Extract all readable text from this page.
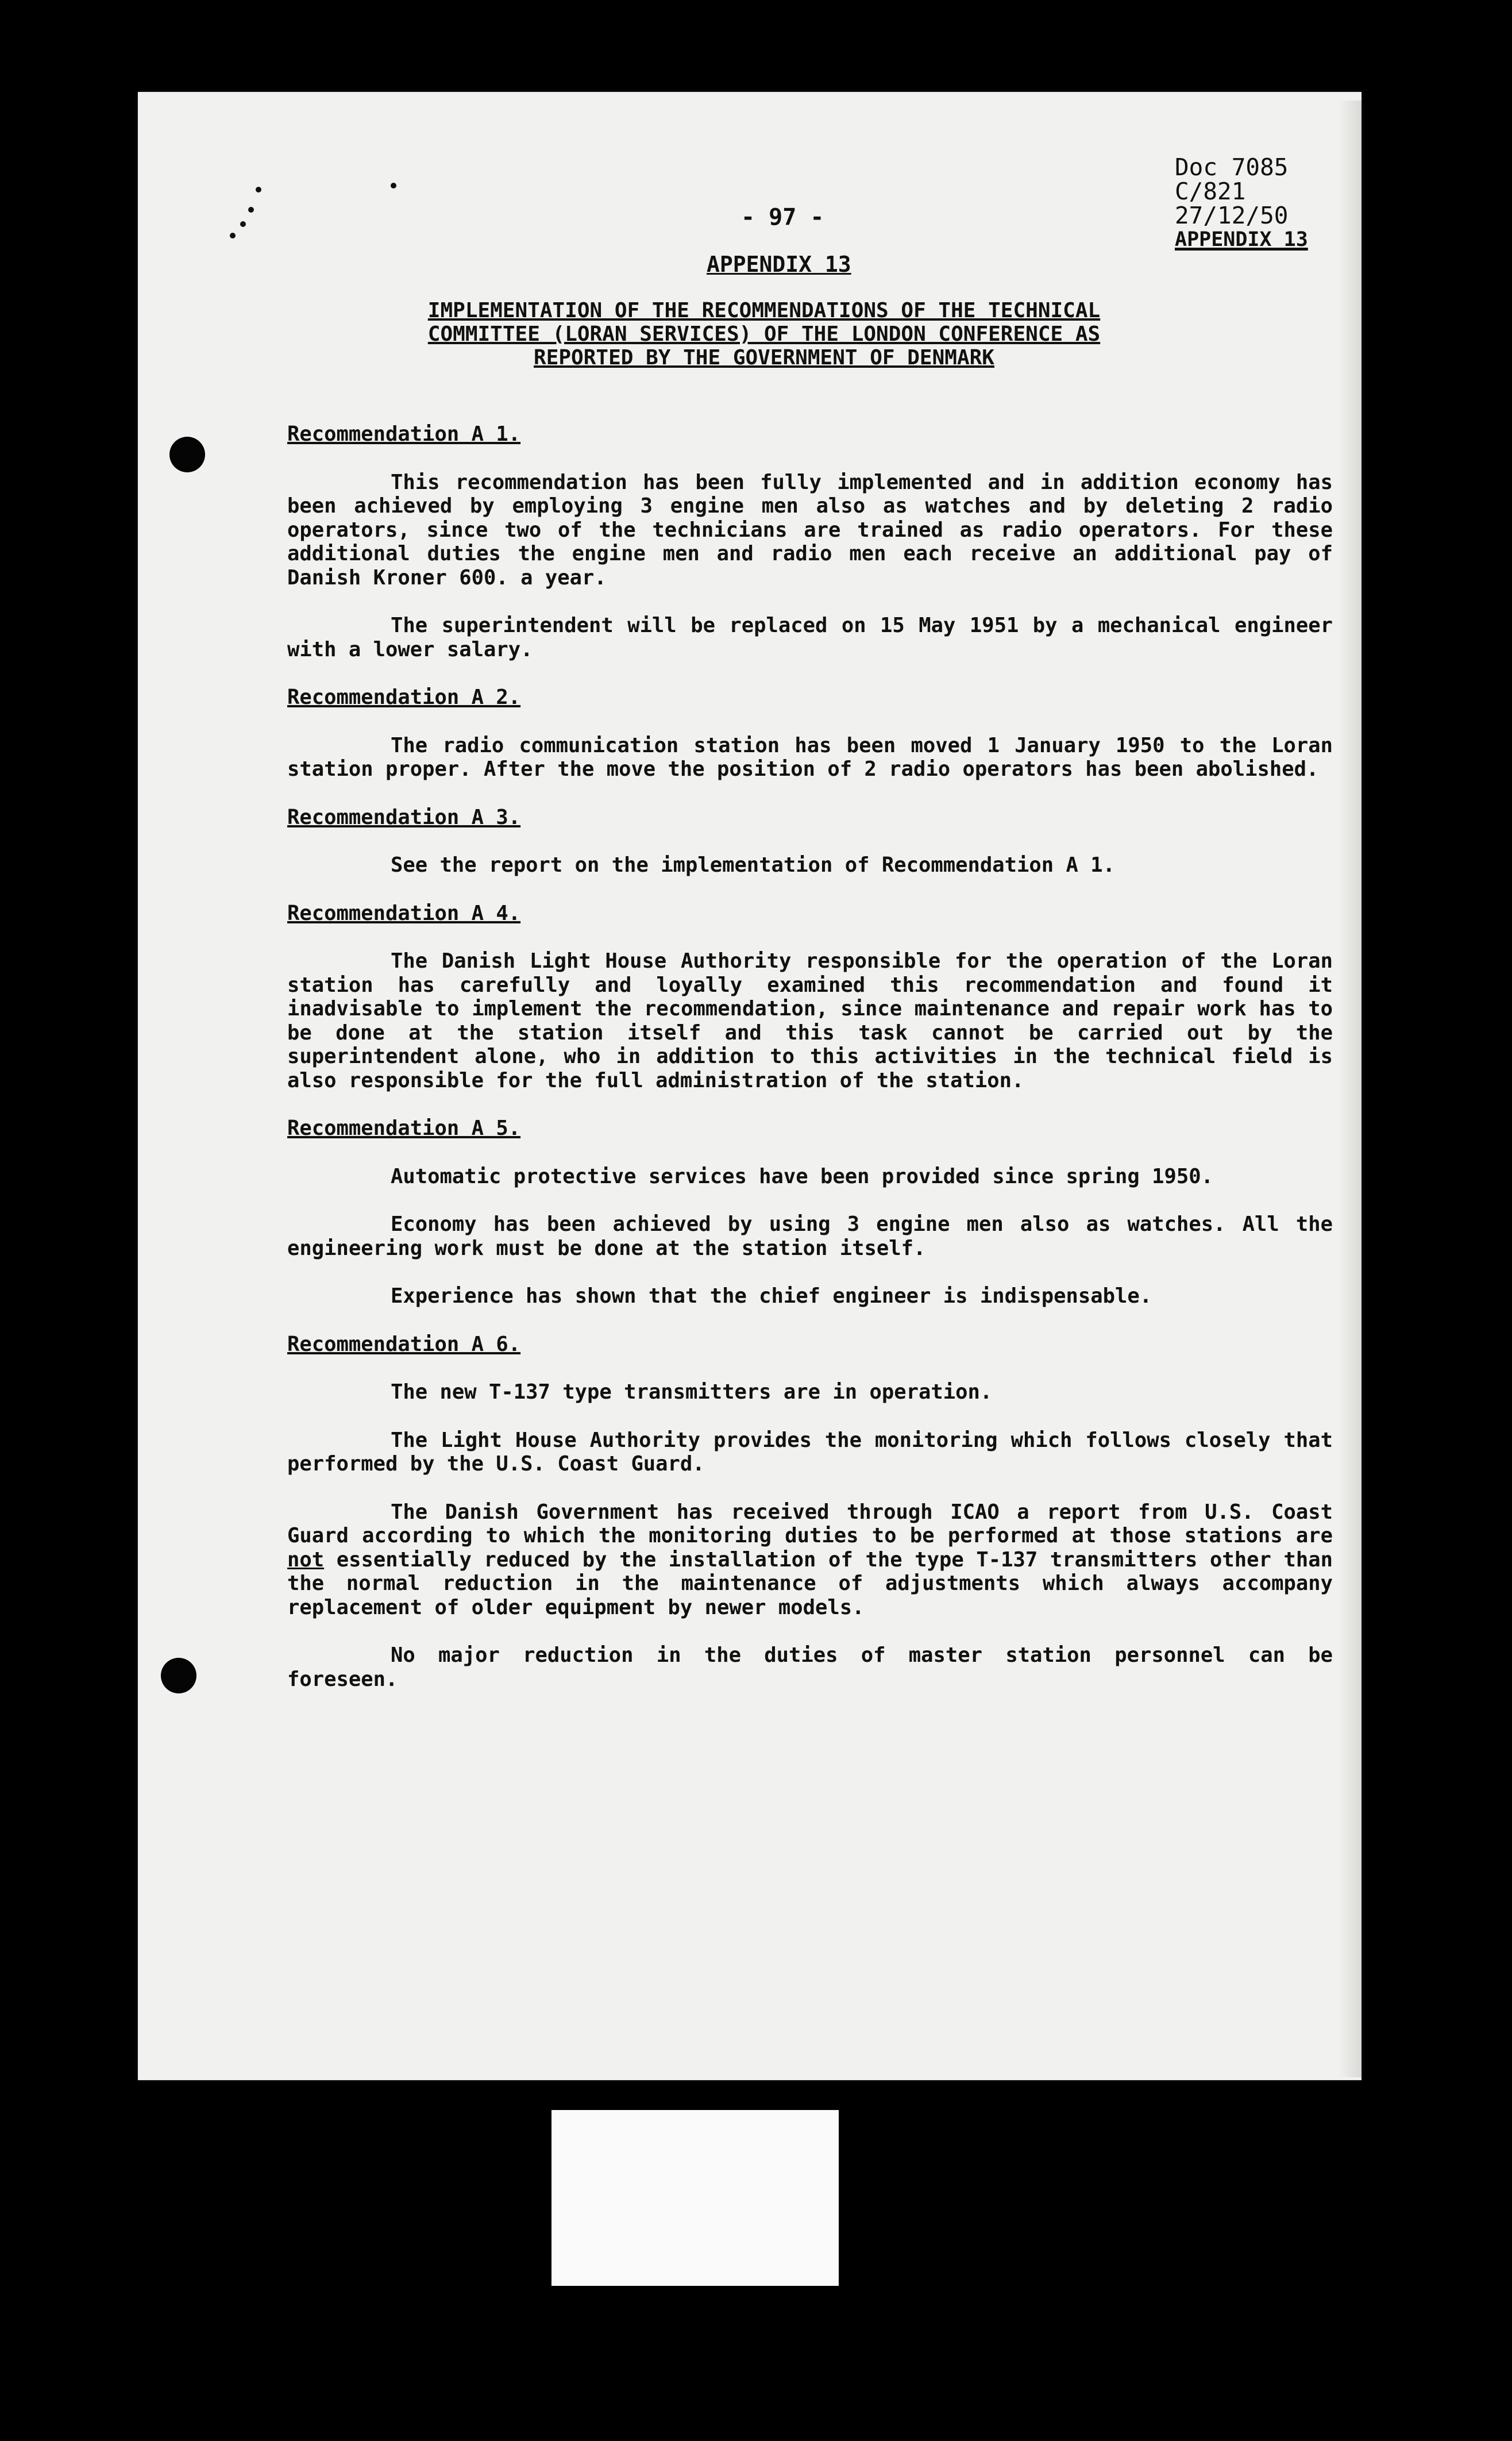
Doc 7085
C/821
27/12/50
APPENDIX 13
- 97 -
APPENDIX 13
IMPLEMENTATION OF THE RECOMMENDATIONS OF THE TECHNICAL
COMMITTEE (LORAN SERVICES) OF THE LONDON CONFERENCE AS
REPORTED BY THE GOVERNMENT OF DENMARK
Recommendation A 1.
This recommendation has been fully implemented and in addition economy has been achieved by employing 3 engine men also as watches and by deleting 2 radio operators, since two of the technicians are trained as radio operators. For these additional duties the engine men and radio men each receive an additional pay of Danish Kroner 600. a year.
The superintendent will be replaced on 15 May 1951 by a mechanical engineer with a lower salary.
Recommendation A 2.
The radio communication station has been moved 1 January 1950 to the Loran station proper. After the move the position of 2 radio operators has been abolished.
Recommendation A 3.
See the report on the implementation of Recommendation A 1.
Recommendation A 4.
The Danish Light House Authority responsible for the operation of the Loran station has carefully and loyally examined this recommendation and found it inadvisable to implement the recommendation, since maintenance and repair work has to be done at the station itself and this task cannot be carried out by the superintendent alone, who in addition to this activities in the technical field is also responsible for the full administration of the station.
Recommendation A 5.
Automatic protective services have been provided since spring 1950.
Economy has been achieved by using 3 engine men also as watches. All the engineering work must be done at the station itself.
Experience has shown that the chief engineer is indispensable.
Recommendation A 6.
The new T-137 type transmitters are in operation.
The Light House Authority provides the monitoring which follows closely that performed by the U.S. Coast Guard.
The Danish Government has received through ICAO a report from U.S. Coast Guard according to which the monitoring duties to be performed at those stations are not essentially reduced by the installation of the type T-137 transmitters other than the normal reduction in the maintenance of adjustments which always accompany replacement of older equipment by newer models.
No major reduction in the duties of master station personnel can be foreseen.
